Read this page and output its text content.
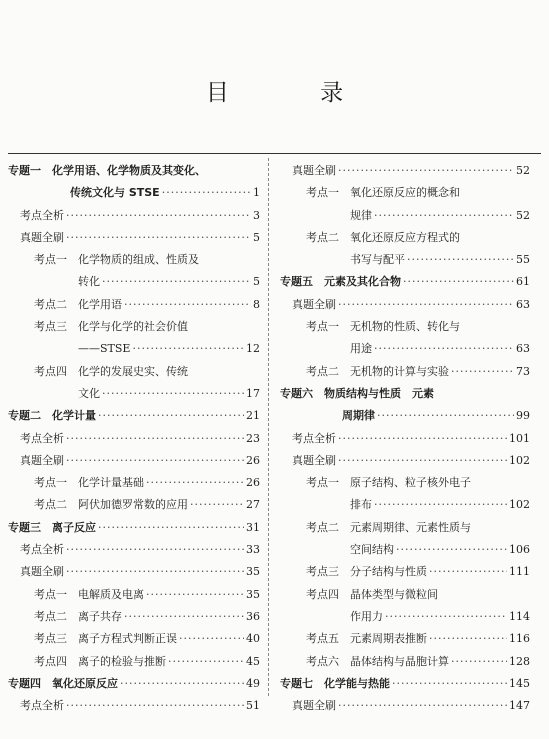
目 录
专题一　化学用语、化学物质及其变化、
传统文化与 STSE ·····	1
考点全析 ·····	3
真题全刷 ·····	5
考点一　化学物质的组成、性质及
转化 ·····	5
考点二　化学用语 ·····	8
考点三　化学与化学的社会价值
——STSE ·····	12
考点四　化学的发展史实、传统
文化 ·····	17
专题二　化学计量 ·····	21
考点全析 ·····	23
真题全刷 ·····	26
考点一　化学计量基础 ·····	26
考点二　阿伏加德罗常数的应用 ·····	27
专题三　离子反应 ·····	31
考点全析 ·····	33
真题全刷 ·····	35
考点一　电解质及电离 ·····	35
考点二　离子共存 ·····	36
考点三　离子方程式判断正误 ·····	40
考点四　离子的检验与推断 ·····	45
专题四　氧化还原反应 ·····	49
考点全析 ·····	51
真题全刷 ·····	52
考点一　氧化还原反应的概念和
规律 ·····	52
考点二　氧化还原反应方程式的
书写与配平 ·····	55
专题五　元素及其化合物 ·····	61
真题全刷 ·····	63
考点一　无机物的性质、转化与
用途 ·····	63
考点二　无机物的计算与实验 ·····	73
专题六　物质结构与性质　元素
周期律 ·····	99
考点全析 ·····	101
真题全刷 ·····	102
考点一　原子结构、粒子核外电子
排布 ·····	102
考点二　元素周期律、元素性质与
空间结构 ·····	106
考点三　分子结构与性质 ·····	111
考点四　晶体类型与微粒间
作用力 ·····	114
考点五　元素周期表推断 ·····	116
考点六　晶体结构与晶胞计算 ·····	128
专题七　化学能与热能 ·····	145
真题全刷 ·····	147
